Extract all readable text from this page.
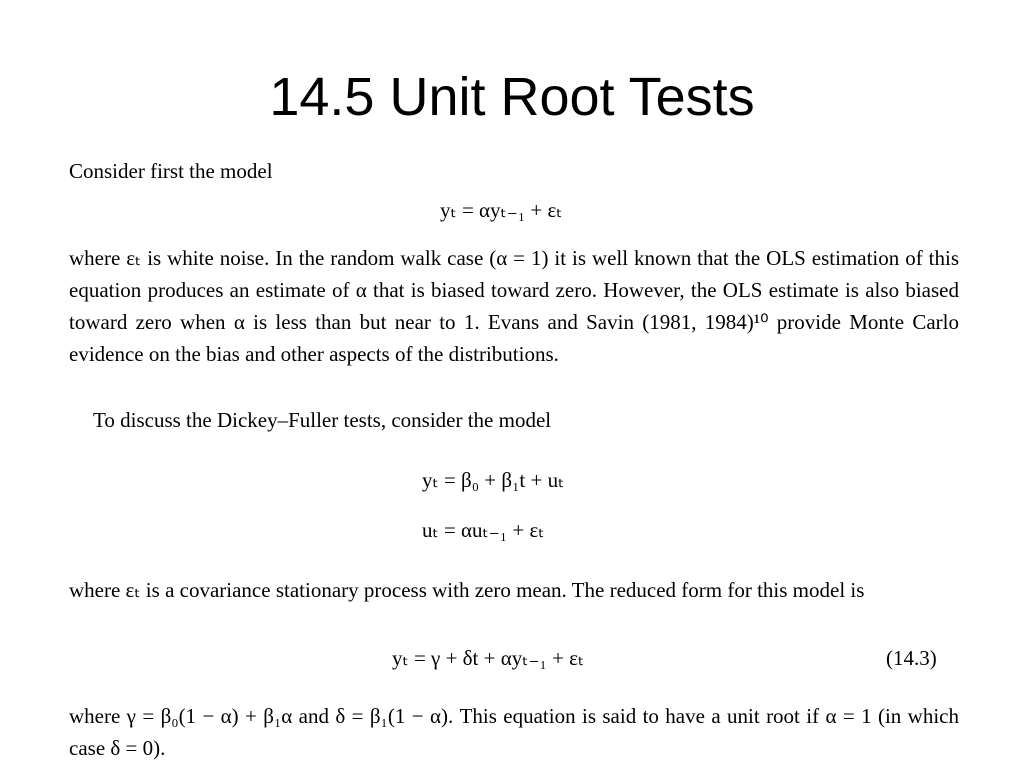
14.5 Unit Root Tests

Consider first the model

yₜ = αyₜ₋₁ + εₜ

where εₜ is white noise. In the random walk case (α = 1) it is well known that the OLS estimation of this equation produces an estimate of α that is biased toward zero. However, the OLS estimate is also biased toward zero when α is less than but near to 1. Evans and Savin (1981, 1984)¹⁰ provide Monte Carlo evidence on the bias and other aspects of the distributions.

To discuss the Dickey–Fuller tests, consider the model

yₜ = β₀ + β₁t + uₜ
uₜ = αuₜ₋₁ + εₜ

where εₜ is a covariance stationary process with zero mean. The reduced form for this model is

yₜ = γ + δt + αyₜ₋₁ + εₜ	(14.3)

where γ = β₀(1 − α) + β₁α and δ = β₁(1 − α). This equation is said to have a unit root if α = 1 (in which case δ = 0).
